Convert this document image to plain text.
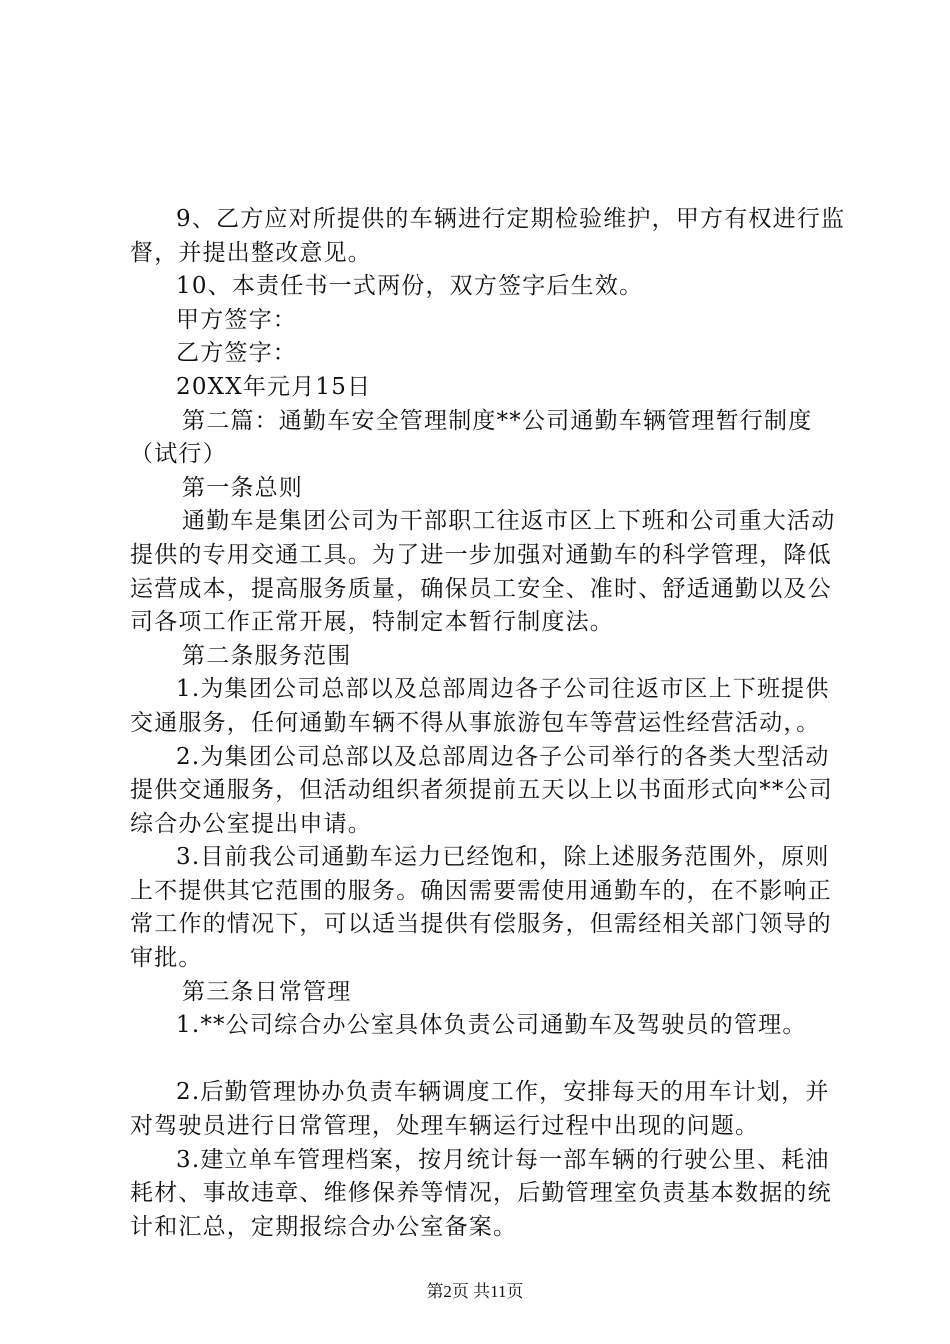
9、乙方应对所提供的车辆进行定期检验维护，甲方有权进行监督，并提出整改意见。

10、本责任书一式两份，双方签字后生效。

甲方签字：

乙方签字：

20XX年元月15日

第二篇：通勤车安全管理制度**公司通勤车辆管理暂行制度（试行）

第一条总则

通勤车是集团公司为干部职工往返市区上下班和公司重大活动提供的专用交通工具。为了进一步加强对通勤车的科学管理，降低运营成本，提高服务质量，确保员工安全、准时、舒适通勤以及公司各项工作正常开展，特制定本暂行制度法。

第二条服务范围

1.为集团公司总部以及总部周边各子公司往返市区上下班提供交通服务，任何通勤车辆不得从事旅游包车等营运性经营活动，。

2.为集团公司总部以及总部周边各子公司举行的各类大型活动提供交通服务，但活动组织者须提前五天以上以书面形式向**公司综合办公室提出申请。

3.目前我公司通勤车运力已经饱和，除上述服务范围外，原则上不提供其它范围的服务。确因需要需使用通勤车的，在不影响正常工作的情况下，可以适当提供有偿服务，但需经相关部门领导的审批。

第三条日常管理

1.**公司综合办公室具体负责公司通勤车及驾驶员的管理。

2.后勤管理协办负责车辆调度工作，安排每天的用车计划，并对驾驶员进行日常管理，处理车辆运行过程中出现的问题。

3.建立单车管理档案，按月统计每一部车辆的行驶公里、耗油耗材、事故违章、维修保养等情况，后勤管理室负责基本数据的统计和汇总，定期报综合办公室备案。

第2页 共11页
